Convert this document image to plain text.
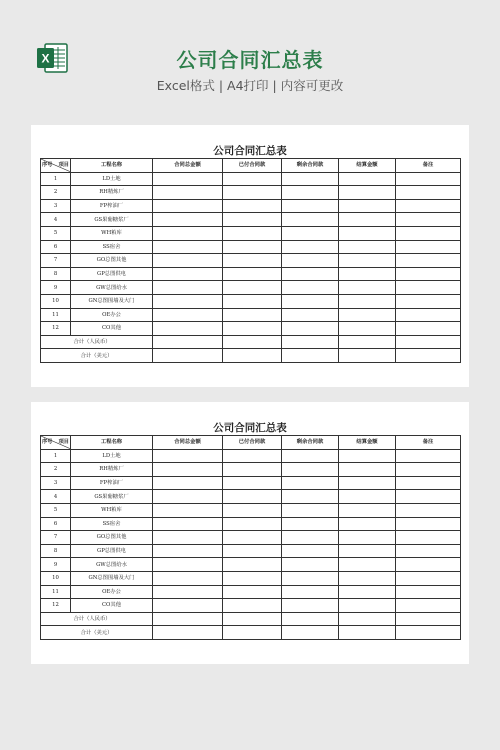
X	公司合同汇总表
Excel格式 | A4打印 | 内容可更改
公司合同汇总表
序号 项目	工程名称	合同总金额	已付合同款	剩余合同款	结算金额	备注
1	LD土地					
2	RH精炼厂					
3	FP榨油厂					
4	GS果葡糖浆厂					
5	WH粕库					
6	SS宿舍					
7	GO总图其他					
8	GP总图供电					
9	GW总图给水					
10	GN总图围墙及大门					
11	OE办公					
12	CO其他					
	合计（人民币）					
合计（美元）						
公司合同汇总表
序号 项目	工程名称	合同总金额	已付合同款	剩余合同款	结算金额	备注
1	LD土地					
2	RH精炼厂					
3	FP榨油厂					
4	GS果葡糖浆厂					
5	WH粕库					
6	SS宿舍					
7	GO总图其他					
8	GP总图供电					
9	GW总图给水					
10	GN总图围墙及大门					
11	OE办公					
12	CO其他					
	合计（人民币）					
合计（美元）						
